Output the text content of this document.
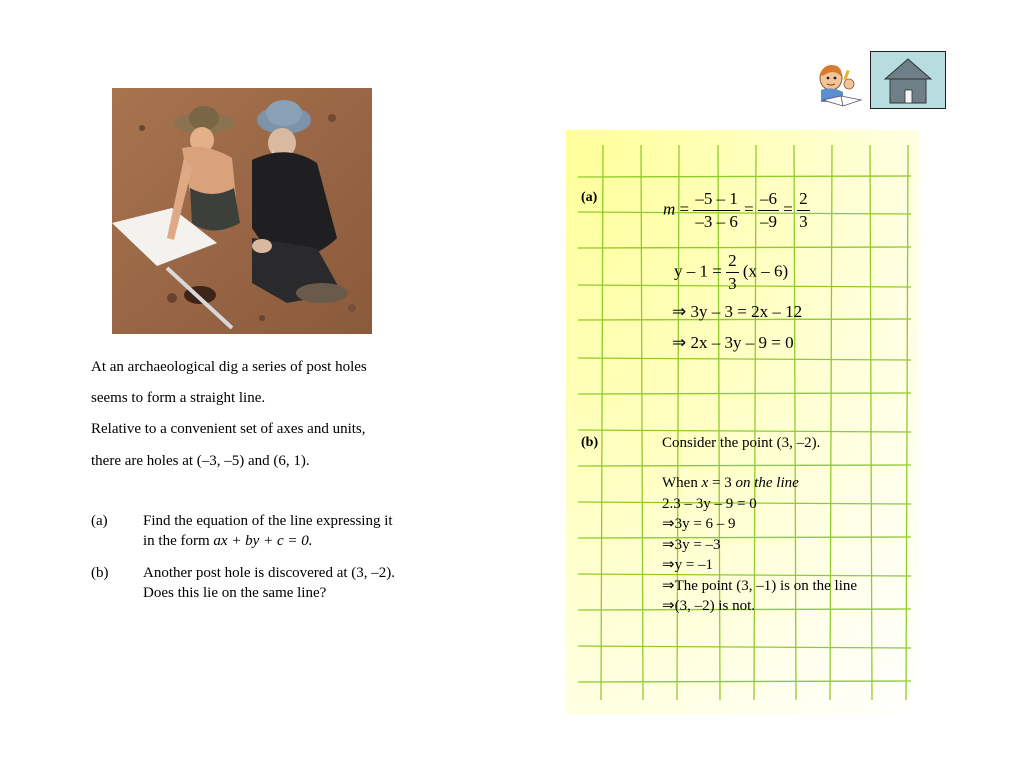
At an archaeological dig a series of post holes
seems to form a straight line.
Relative to a convenient set of axes and units,
there are holes at (–3, –5) and (6, 1).
(a) Find the equation of the line expressing it
in the form ax + by + c = 0.
(b) Another post hole is discovered at (3, –2).
Does this lie on the same line?
(a)
$m = \frac{-5 - 1}{-3 - 6} = \frac{-6}{-9} = \frac{2}{3}$
$y - 1 = \frac{2}{3} (x - 6)$
⇒ 3y – 3 = 2x – 12
⇒ 2x – 3y – 9 = 0
(b)	Consider the point (3, –2).
When x = 3 on the line
2.3 – 3y – 9 = 0
⇒3y = 6 – 9
⇒3y = –3
⇒y = –1
⇒The point (3, –1) is on the line
⇒(3, –2) is not.
